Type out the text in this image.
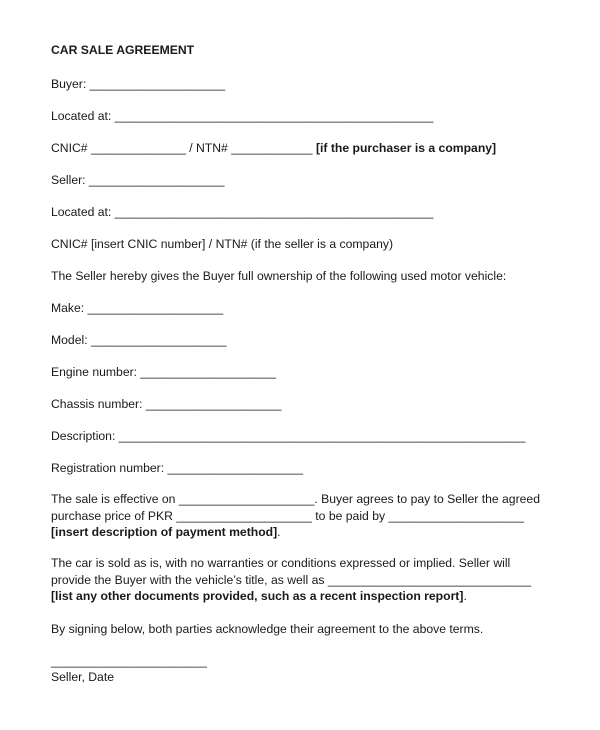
CAR SALE AGREEMENT
Buyer: ____________________
Located at: _______________________________________________
CNIC# ______________ / NTN# ____________ [if the purchaser is a company]
Seller: ____________________
Located at: _______________________________________________
CNIC# [insert CNIC number] / NTN# (if the seller is a company)
The Seller hereby gives the Buyer full ownership of the following used motor vehicle:
Make: ____________________
Model: ____________________
Engine number: ____________________
Chassis number: ____________________
Description: ____________________________________________________________
Registration number: ____________________
The sale is effective on ____________________. Buyer agrees to pay to Seller the agreed purchase price of PKR ____________________ to be paid by ____________________ [insert description of payment method].
The car is sold as is, with no warranties or conditions expressed or implied. Seller will provide the Buyer with the vehicle’s title, as well as ______________________________ [list any other documents provided, such as a recent inspection report].
By signing below, both parties acknowledge their agreement to the above terms.
_______________________
Seller, Date
